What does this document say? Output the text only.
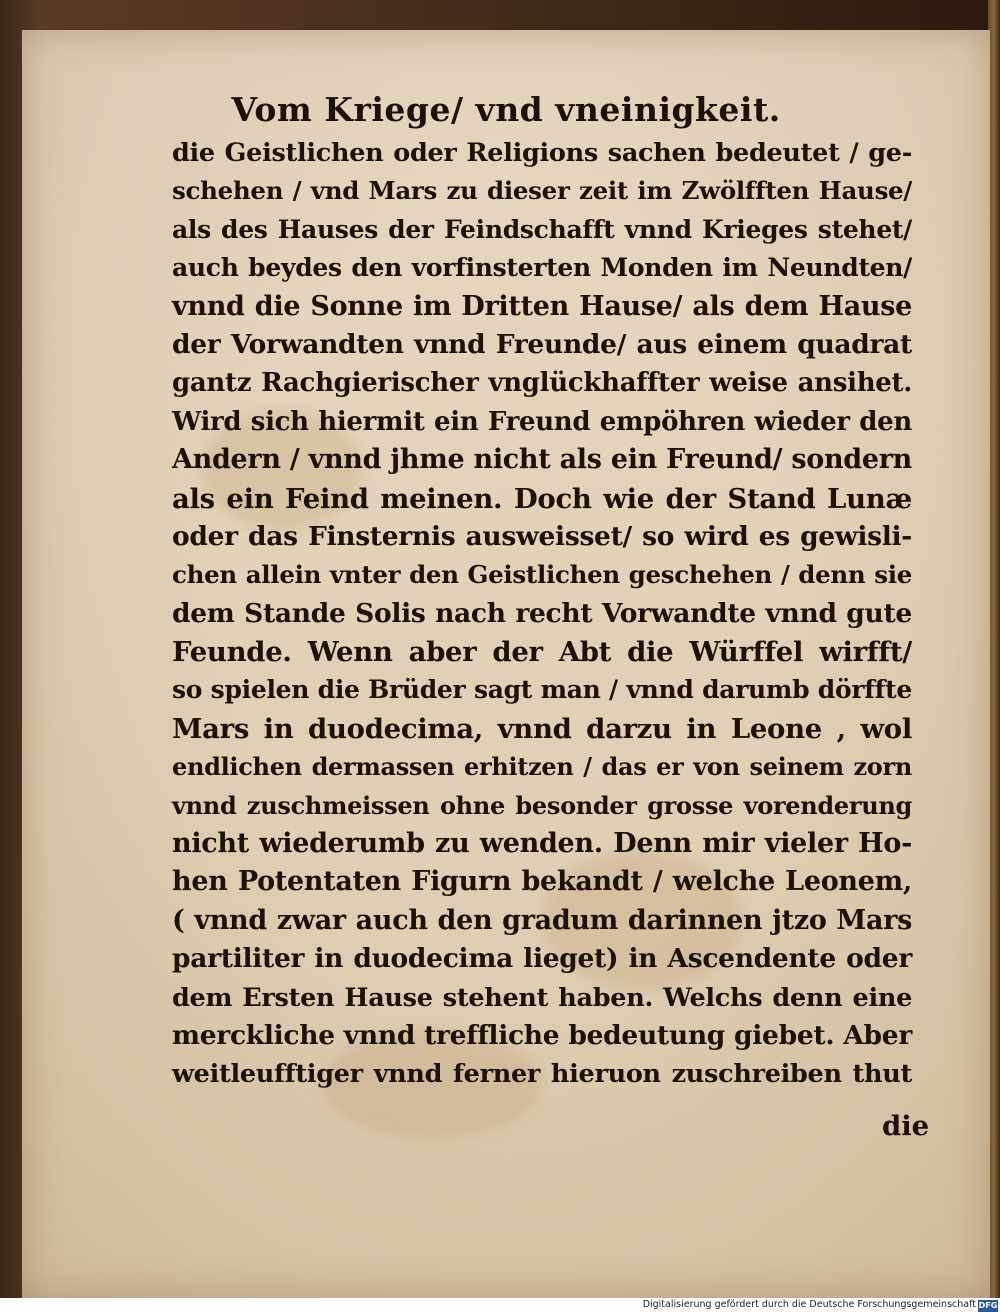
Vom Kriege/ vnd vneinigkeit.
die Geistlichen oder Religions sachen bedeutet / ge-
schehen / vnd Mars zu dieser zeit im Zwölfften Hause/
als des Hauses der Feindschafft vnnd Krieges stehet/
auch beydes den vorfinsterten Monden im Neundten/
vnnd die Sonne im Dritten Hause/ als dem Hause
der Vorwandten vnnd Freunde/ aus einem quadrat
gantz Rachgierischer vnglückhaffter weise ansihet.
Wird sich hiermit ein Freund empöhren wieder den
Andern / vnnd jhme nicht als ein Freund/ sondern
als ein Feind meinen. Doch wie der Stand Lunæ
oder das Finsternis ausweisset/ so wird es gewisli-
chen allein vnter den Geistlichen geschehen / denn sie
dem Stande Solis nach recht Vorwandte vnnd gute
Feunde. Wenn aber der Abt die Würffel wirfft/
so spielen die Brüder sagt man / vnnd darumb dörffte
Mars in duodecima, vnnd darzu in Leone , wol
endlichen dermassen erhitzen / das er von seinem zorn
vnnd zuschmeissen ohne besonder grosse vorenderung
nicht wiederumb zu wenden. Denn mir vieler Ho-
hen Potentaten Figurn bekandt / welche Leonem,
( vnnd zwar auch den gradum darinnen jtzo Mars
partiliter in duodecima lieget) in Ascendente oder
dem Ersten Hause stehent haben. Welchs denn eine
merckliche vnnd treffliche bedeutung giebet. Aber
weitleufftiger vnnd ferner hieruon zuschreiben thut
die
Digitalisierung gefördert durch die Deutsche Forschungsgemeinschaft DFG
